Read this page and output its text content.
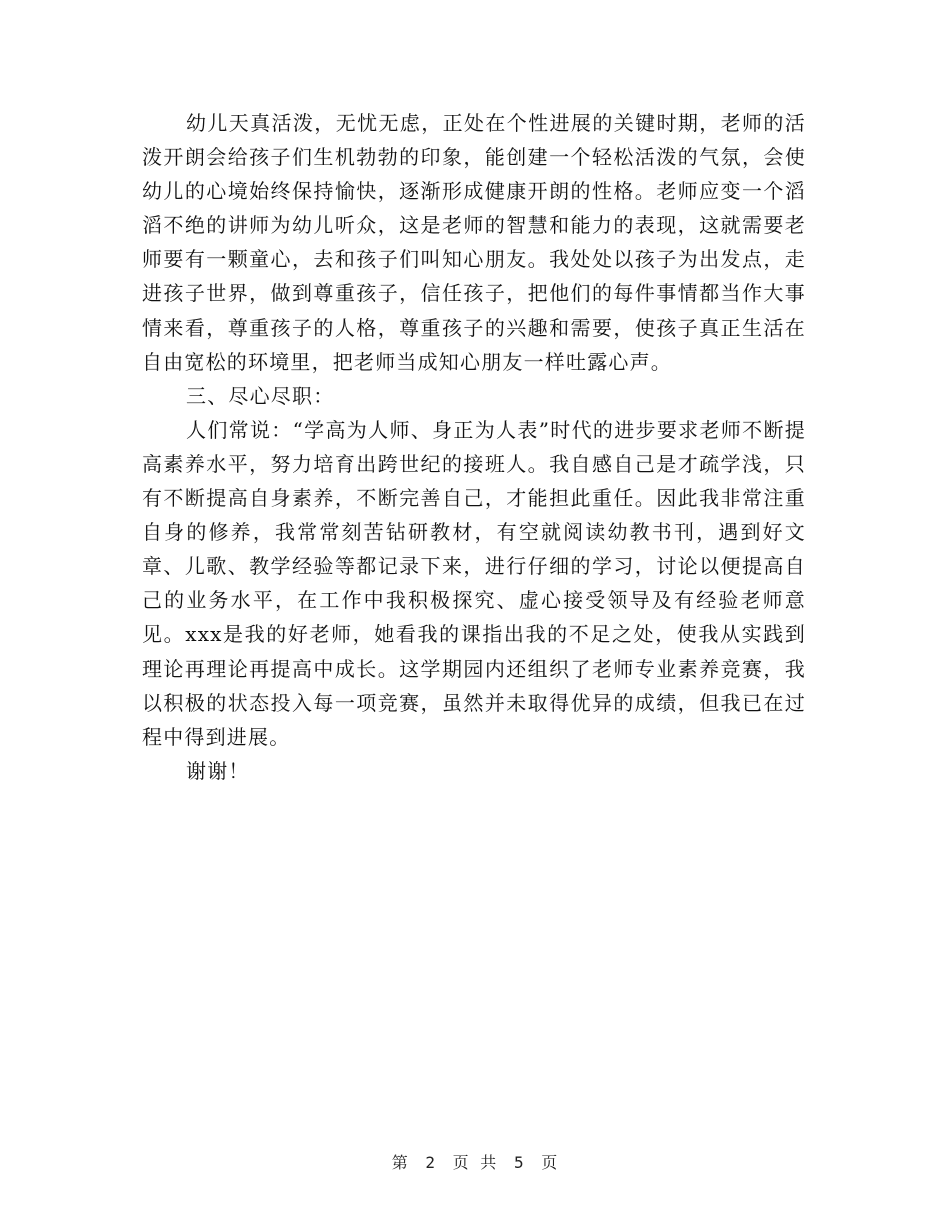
幼儿天真活泼，无忧无虑，正处在个性进展的关键时期，老师的活泼开朗会给孩子们生机勃勃的印象，能创建一个轻松活泼的气氛，会使幼儿的心境始终保持愉快，逐渐形成健康开朗的性格。老师应变一个滔滔不绝的讲师为幼儿听众，这是老师的智慧和能力的表现，这就需要老师要有一颗童心，去和孩子们叫知心朋友。我处处以孩子为出发点，走进孩子世界，做到尊重孩子，信任孩子，把他们的每件事情都当作大事情来看，尊重孩子的人格，尊重孩子的兴趣和需要，使孩子真正生活在自由宽松的环境里，把老师当成知心朋友一样吐露心声。

三、尽心尽职：

人们常说：“学高为人师、身正为人表”时代的进步要求老师不断提高素养水平，努力培育出跨世纪的接班人。我自感自己是才疏学浅，只有不断提高自身素养，不断完善自己，才能担此重任。因此我非常注重自身的修养，我常常刻苦钻研教材，有空就阅读幼教书刊，遇到好文章、儿歌、教学经验等都记录下来，进行仔细的学习，讨论以便提高自己的业务水平，在工作中我积极探究、虚心接受领导及有经验老师意见。xxx是我的好老师，她看我的课指出我的不足之处，使我从实践到理论再理论再提高中成长。这学期园内还组织了老师专业素养竞赛，我以积极的状态投入每一项竞赛，虽然并未取得优异的成绩，但我已在过程中得到进展。

谢谢！

第 2 页 共 5 页
